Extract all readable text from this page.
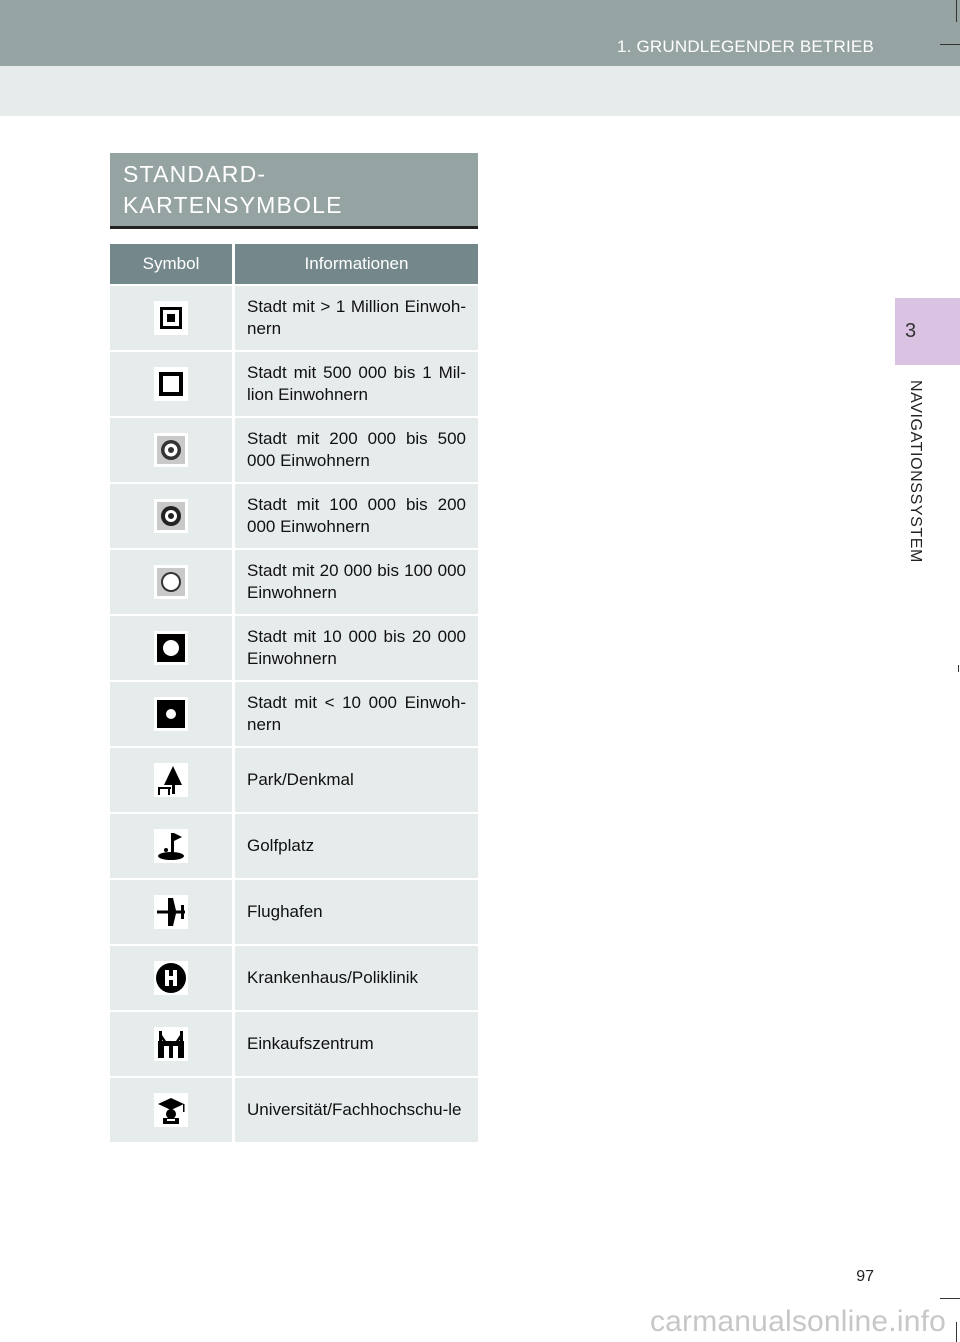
1. GRUNDLEGENDER BETRIEB
3
NAVIGATIONSSYSTEM
STANDARD-
KARTENSYMBOLE
Symbol	Informationen

	Stadt mit > 1 Million Einwoh-nern

	Stadt mit 500 000 bis 1 Mil-lion Einwohnern

	Stadt mit 200 000 bis 500 000 Einwohnern

	Stadt mit 100 000 bis 200 000 Einwohnern

	Stadt mit 20 000 bis 100 000 Einwohnern

	Stadt mit 10 000 bis 20 000 Einwohnern

	Stadt mit < 10 000 Einwoh-nern

	Park/Denkmal

	Golfplatz

	Flughafen

	Krankenhaus/Poliklinik

	Einkaufszentrum

	Universität/Fachhochschu-le
97
carmanualsonline.info
